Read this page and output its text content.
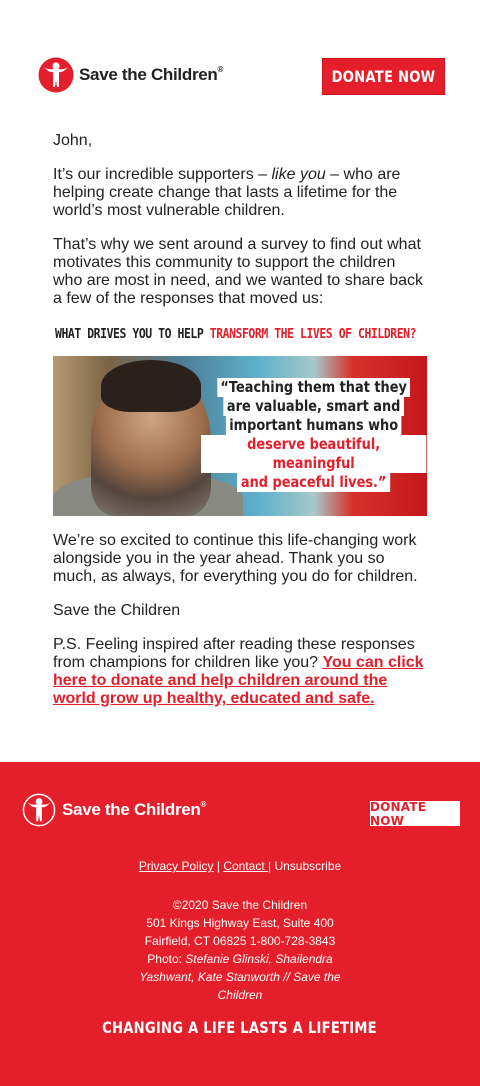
Save the Children®	DONATE NOW
John,
It’s our incredible supporters – like you – who are helping create change that lasts a lifetime for the world’s most vulnerable children.
That’s why we sent around a survey to find out what motivates this community to support the children who are most in need, and we wanted to share back a few of the responses that moved us:
WHAT DRIVES YOU TO HELP TRANSFORM THE LIVES OF CHILDREN?
“Teaching them that they
are valuable, smart and
important humans who
deserve beautiful, meaningful
and peaceful lives.”
We’re so excited to continue this life-changing work alongside you in the year ahead. Thank you so much, as always, for everything you do for children.
Save the Children
P.S. Feeling inspired after reading these responses from champions for children like you? You can click here to donate and help children around the world grow up healthy, educated and safe.
Save the Children®	DONATE NOW
Privacy Policy | Contact | Unsubscribe
©2020 Save the Children
501 Kings Highway East, Suite 400
Fairfield, CT 06825 1-800-728-3843
Photo: Stefanie Glinski, Shailendra Yashwant, Kate Stanworth // Save the Children
CHANGING A LIFE LASTS A LIFETIME
